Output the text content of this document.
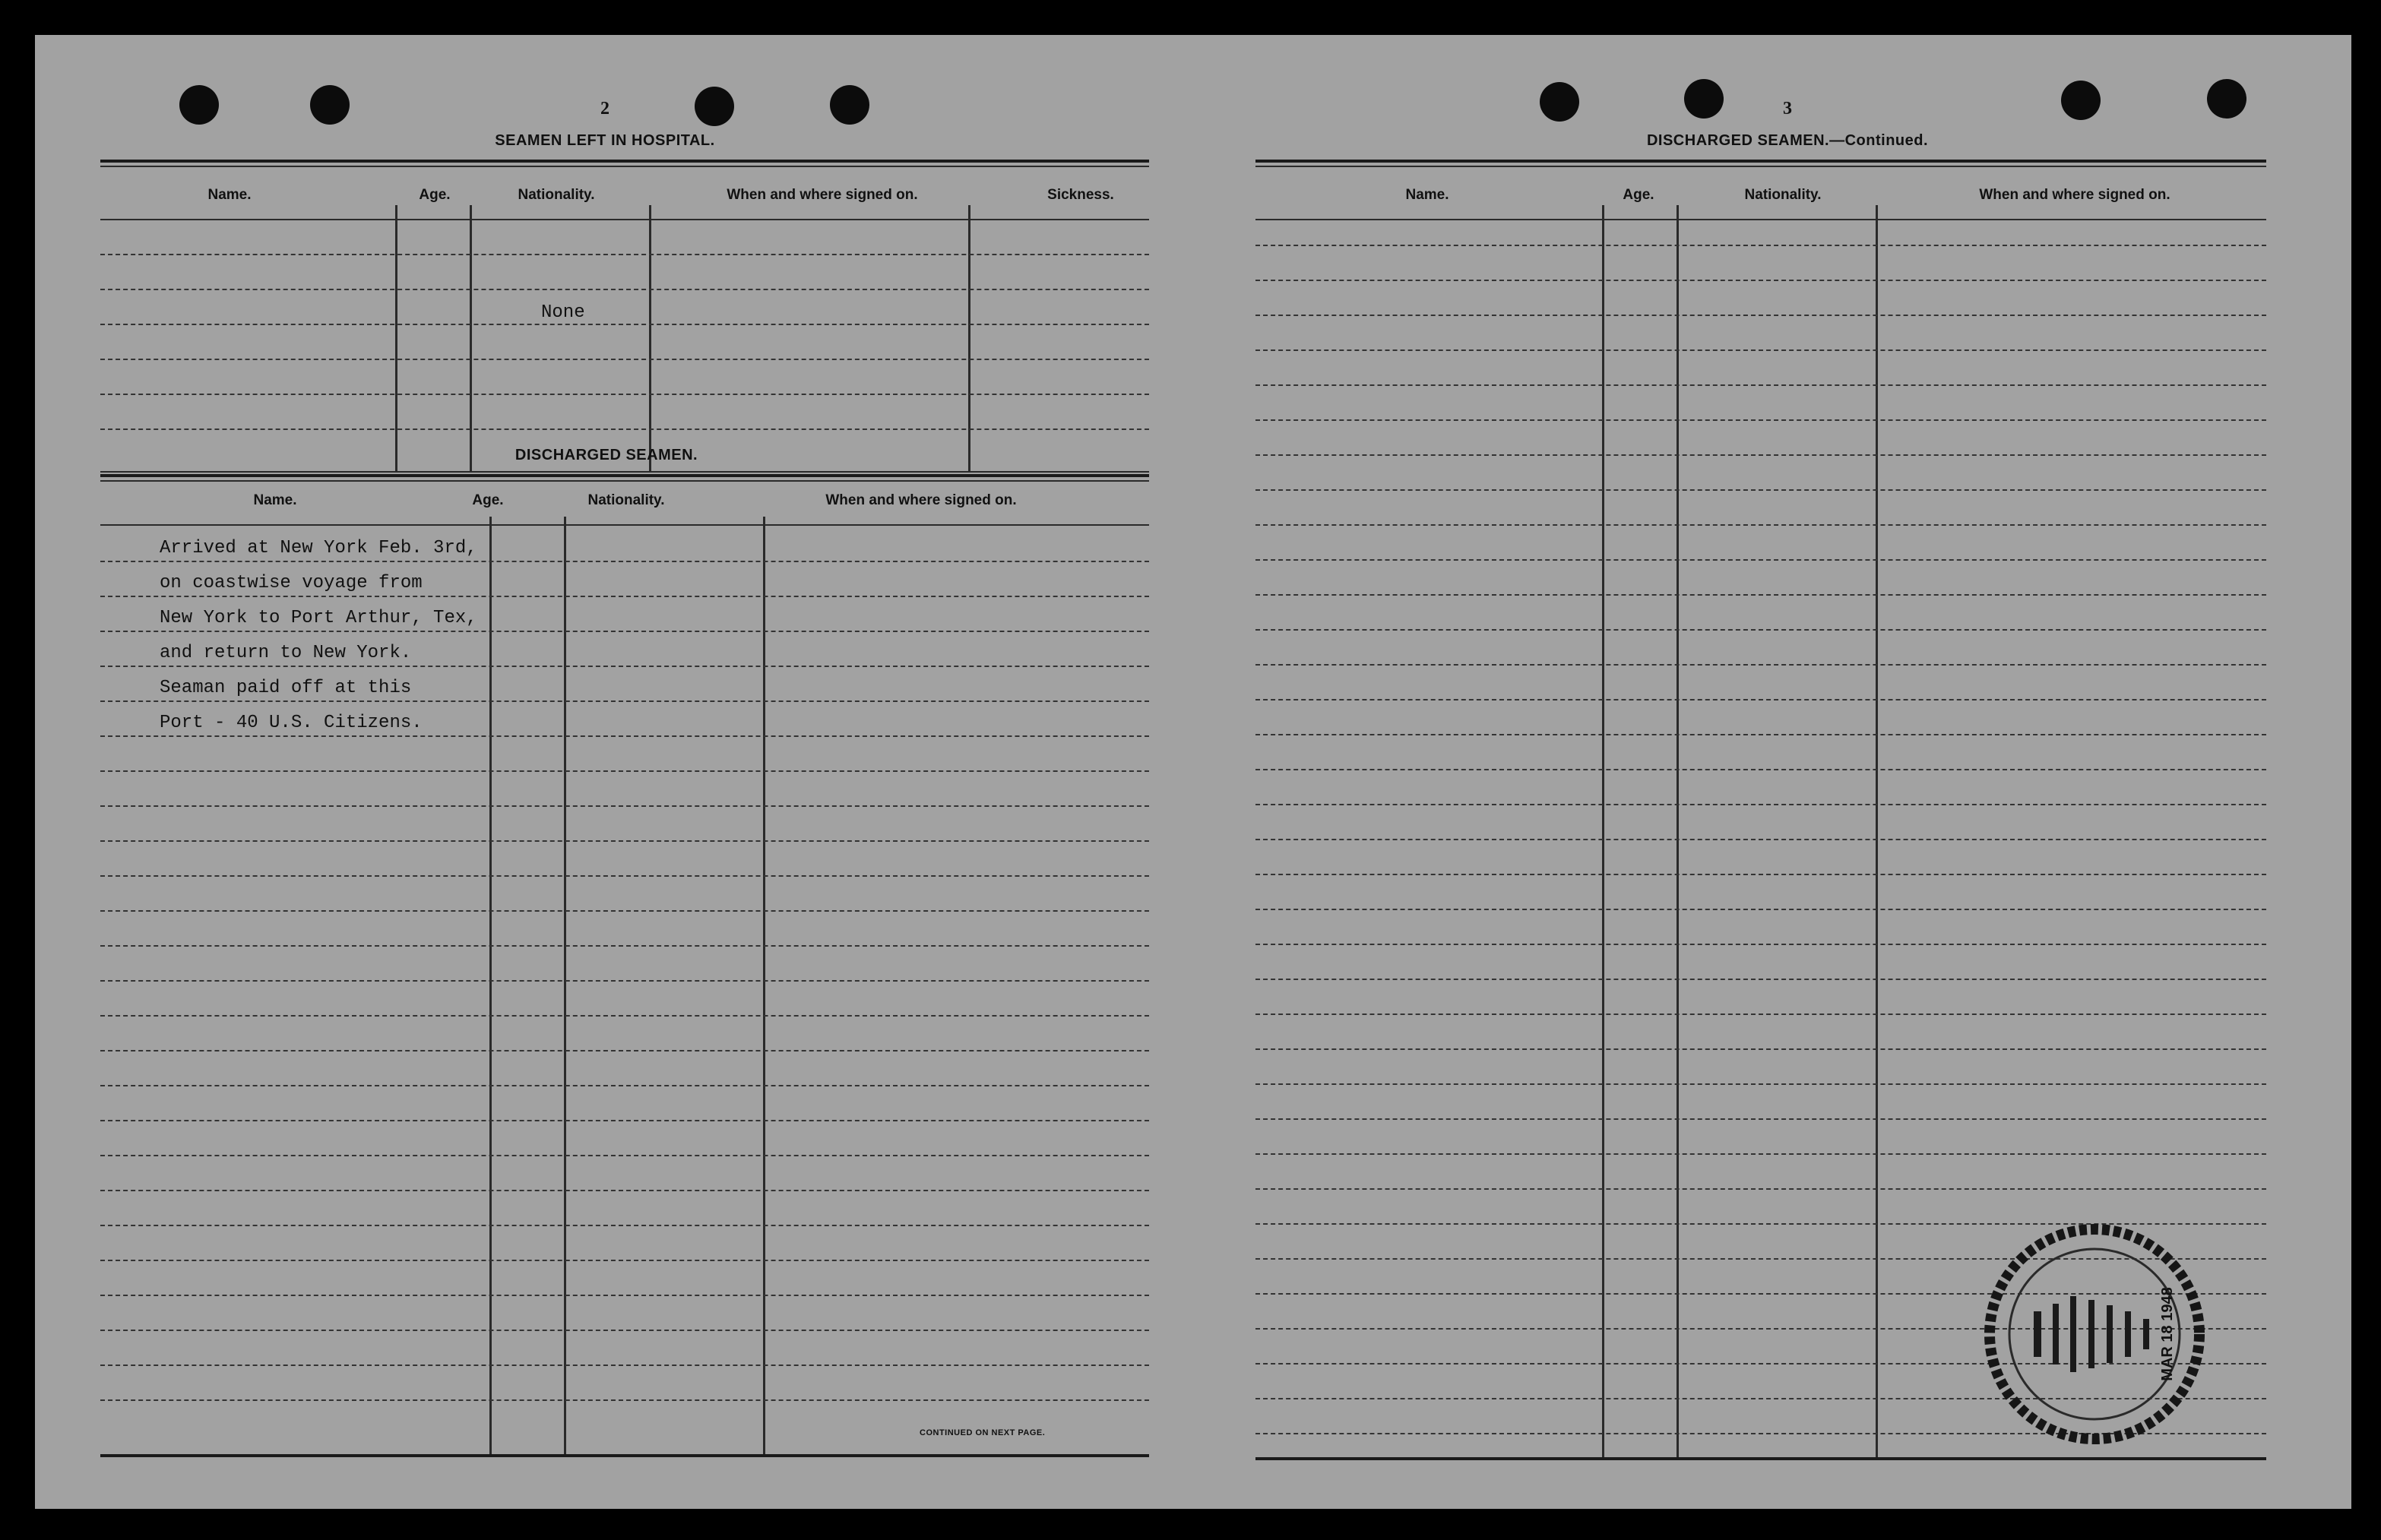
2
SEAMEN LEFT IN HOSPITAL.
Name.	Age.	Nationality.	When and where signed on.	Sickness.
None
DISCHARGED SEAMEN.
Name.	Age.	Nationality.	When and where signed on.
Arrived at New York Feb. 3rd,
on coastwise voyage from
New York to Port Arthur, Tex,
and return to New York.
Seaman paid off at this
Port - 40 U.S. Citizens.
CONTINUED ON NEXT PAGE.
3
DISCHARGED SEAMEN.—Continued.
Name.	Age.	Nationality.	When and where signed on.
MAR 18 1948
